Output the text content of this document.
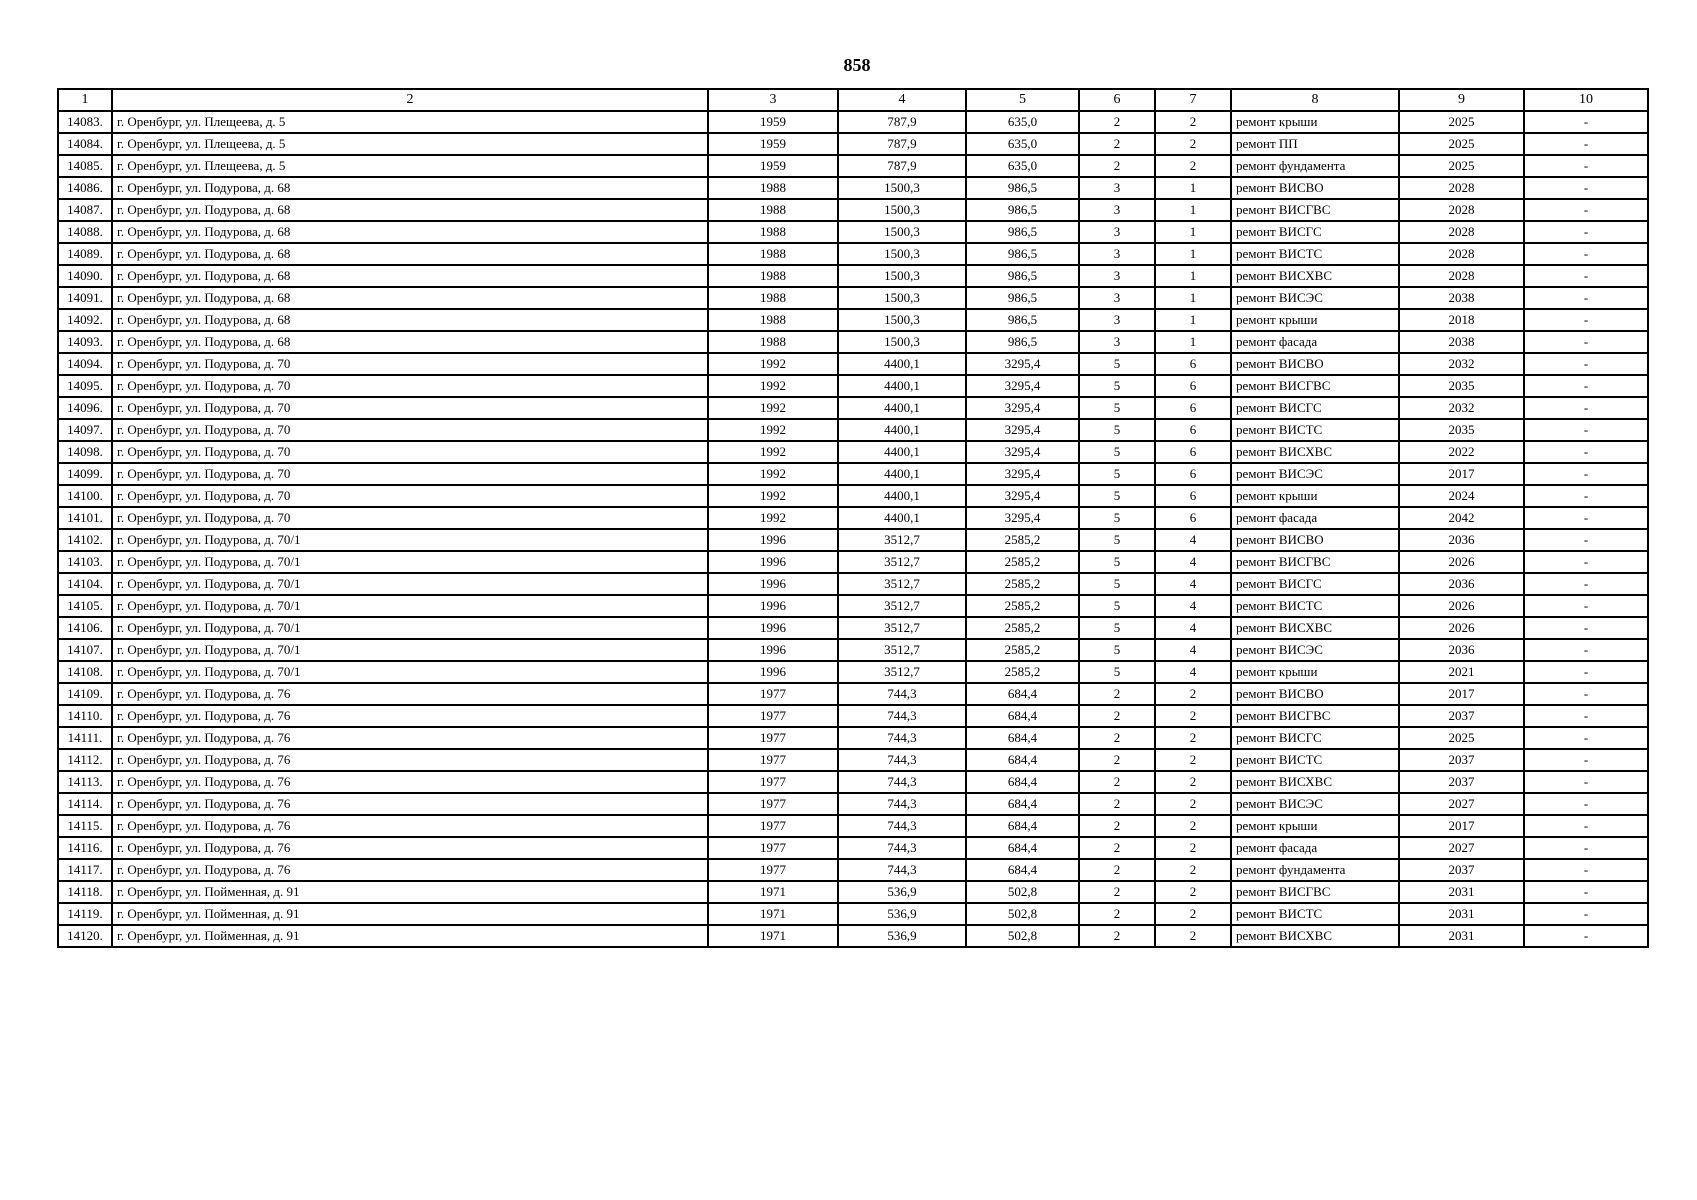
858
1	2	3	4	5	6	7	8	9	10
14083.	г. Оренбург, ул. Плещеева, д. 5	1959	787,9	635,0	2	2	ремонт крыши	2025	-
14084.	г. Оренбург, ул. Плещеева, д. 5	1959	787,9	635,0	2	2	ремонт ПП	2025	-
14085.	г. Оренбург, ул. Плещеева, д. 5	1959	787,9	635,0	2	2	ремонт фундамента	2025	-
14086.	г. Оренбург, ул. Подурова, д. 68	1988	1500,3	986,5	3	1	ремонт ВИСВО	2028	-
14087.	г. Оренбург, ул. Подурова, д. 68	1988	1500,3	986,5	3	1	ремонт ВИСГВС	2028	-
14088.	г. Оренбург, ул. Подурова, д. 68	1988	1500,3	986,5	3	1	ремонт ВИСГС	2028	-
14089.	г. Оренбург, ул. Подурова, д. 68	1988	1500,3	986,5	3	1	ремонт ВИСТС	2028	-
14090.	г. Оренбург, ул. Подурова, д. 68	1988	1500,3	986,5	3	1	ремонт ВИСХВС	2028	-
14091.	г. Оренбург, ул. Подурова, д. 68	1988	1500,3	986,5	3	1	ремонт ВИСЭС	2038	-
14092.	г. Оренбург, ул. Подурова, д. 68	1988	1500,3	986,5	3	1	ремонт крыши	2018	-
14093.	г. Оренбург, ул. Подурова, д. 68	1988	1500,3	986,5	3	1	ремонт фасада	2038	-
14094.	г. Оренбург, ул. Подурова, д. 70	1992	4400,1	3295,4	5	6	ремонт ВИСВО	2032	-
14095.	г. Оренбург, ул. Подурова, д. 70	1992	4400,1	3295,4	5	6	ремонт ВИСГВС	2035	-
14096.	г. Оренбург, ул. Подурова, д. 70	1992	4400,1	3295,4	5	6	ремонт ВИСГС	2032	-
14097.	г. Оренбург, ул. Подурова, д. 70	1992	4400,1	3295,4	5	6	ремонт ВИСТС	2035	-
14098.	г. Оренбург, ул. Подурова, д. 70	1992	4400,1	3295,4	5	6	ремонт ВИСХВС	2022	-
14099.	г. Оренбург, ул. Подурова, д. 70	1992	4400,1	3295,4	5	6	ремонт ВИСЭС	2017	-
14100.	г. Оренбург, ул. Подурова, д. 70	1992	4400,1	3295,4	5	6	ремонт крыши	2024	-
14101.	г. Оренбург, ул. Подурова, д. 70	1992	4400,1	3295,4	5	6	ремонт фасада	2042	-
14102.	г. Оренбург, ул. Подурова, д. 70/1	1996	3512,7	2585,2	5	4	ремонт ВИСВО	2036	-
14103.	г. Оренбург, ул. Подурова, д. 70/1	1996	3512,7	2585,2	5	4	ремонт ВИСГВС	2026	-
14104.	г. Оренбург, ул. Подурова, д. 70/1	1996	3512,7	2585,2	5	4	ремонт ВИСГС	2036	-
14105.	г. Оренбург, ул. Подурова, д. 70/1	1996	3512,7	2585,2	5	4	ремонт ВИСТС	2026	-
14106.	г. Оренбург, ул. Подурова, д. 70/1	1996	3512,7	2585,2	5	4	ремонт ВИСХВС	2026	-
14107.	г. Оренбург, ул. Подурова, д. 70/1	1996	3512,7	2585,2	5	4	ремонт ВИСЭС	2036	-
14108.	г. Оренбург, ул. Подурова, д. 70/1	1996	3512,7	2585,2	5	4	ремонт крыши	2021	-
14109.	г. Оренбург, ул. Подурова, д. 76	1977	744,3	684,4	2	2	ремонт ВИСВО	2017	-
14110.	г. Оренбург, ул. Подурова, д. 76	1977	744,3	684,4	2	2	ремонт ВИСГВС	2037	-
14111.	г. Оренбург, ул. Подурова, д. 76	1977	744,3	684,4	2	2	ремонт ВИСГС	2025	-
14112.	г. Оренбург, ул. Подурова, д. 76	1977	744,3	684,4	2	2	ремонт ВИСТС	2037	-
14113.	г. Оренбург, ул. Подурова, д. 76	1977	744,3	684,4	2	2	ремонт ВИСХВС	2037	-
14114.	г. Оренбург, ул. Подурова, д. 76	1977	744,3	684,4	2	2	ремонт ВИСЭС	2027	-
14115.	г. Оренбург, ул. Подурова, д. 76	1977	744,3	684,4	2	2	ремонт крыши	2017	-
14116.	г. Оренбург, ул. Подурова, д. 76	1977	744,3	684,4	2	2	ремонт фасада	2027	-
14117.	г. Оренбург, ул. Подурова, д. 76	1977	744,3	684,4	2	2	ремонт фундамента	2037	-
14118.	г. Оренбург, ул. Пойменная, д. 91	1971	536,9	502,8	2	2	ремонт ВИСГВС	2031	-
14119.	г. Оренбург, ул. Пойменная, д. 91	1971	536,9	502,8	2	2	ремонт ВИСТС	2031	-
14120.	г. Оренбург, ул. Пойменная, д. 91	1971	536,9	502,8	2	2	ремонт ВИСХВС	2031	-
